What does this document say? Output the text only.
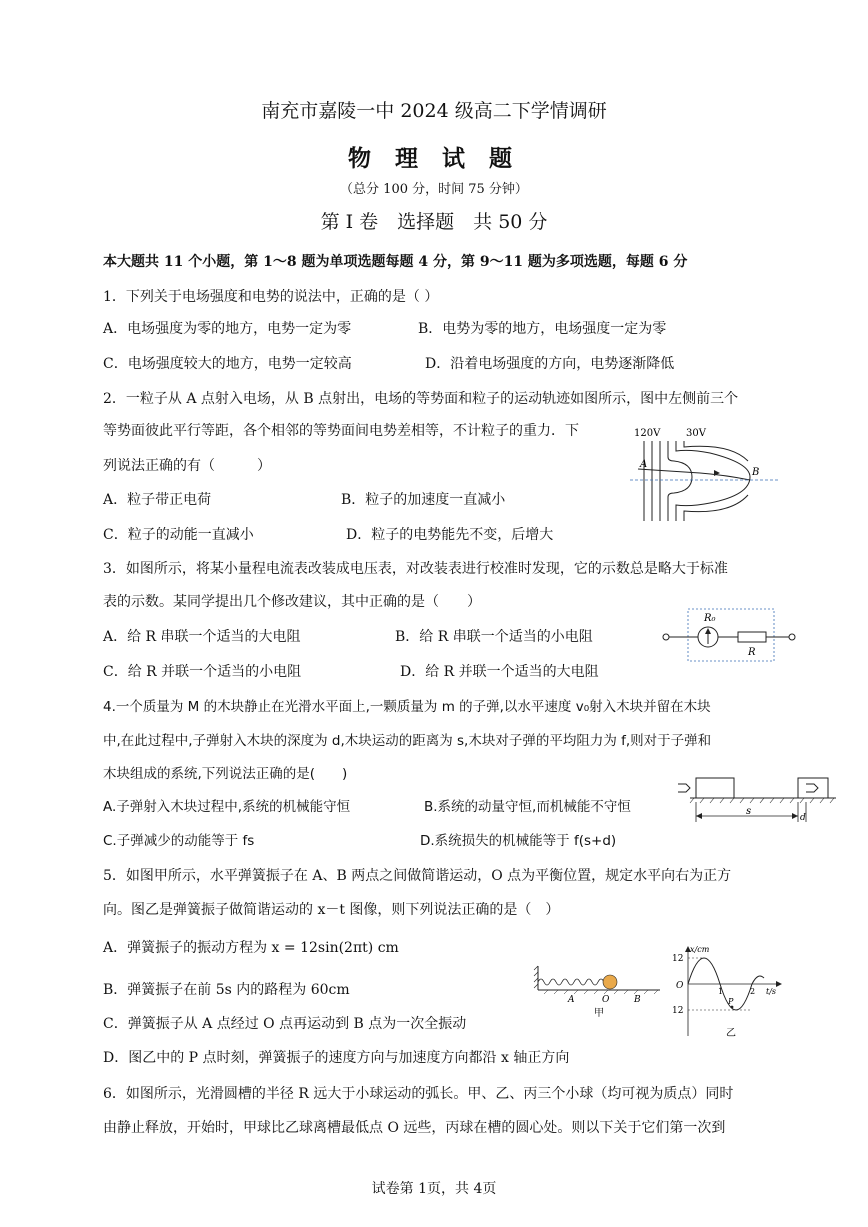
南充市嘉陵一中 2024 级高二下学情调研
物 理 试 题
（总分 100 分，时间 75 分钟）
第 I 卷　选择题　共 50 分
本大题共 11 个小题，第 1～8 题为单项选题每题 4 分，第 9～11 题为多项选题，每题 6 分
1．下列关于电场强度和电势的说法中，正确的是（ ）
A．电场强度为零的地方，电势一定为零	B．电势为零的地方，电场强度一定为零
C．电场强度较大的地方，电势一定较高	D．沿着电场强度的方向，电势逐渐降低
2．一粒子从 A 点射入电场，从 B 点射出，电场的等势面和粒子的运动轨迹如图所示，图中左侧前三个
等势面彼此平行等距，各个相邻的等势面间电势差相等，不计粒子的重力．下
列说法正确的有（　　　）
A．粒子带正电荷	B．粒子的加速度一直减小
C．粒子的动能一直减小	D．粒子的电势能先不变，后增大
120V	30V
A
B
3．如图所示，将某小量程电流表改装成电压表，对改装表进行校准时发现，它的示数总是略大于标准
表的示数。某同学提出几个修改建议，其中正确的是（　　）
A．给 R 串联一个适当的大电阻	B．给 R 串联一个适当的小电阻
C．给 R 并联一个适当的小电阻	D．给 R 并联一个适当的大电阻
R₀
R
4.一个质量为 M 的木块静止在光滑水平面上,一颗质量为 m 的子弹,以水平速度 v₀射入木块并留在木块
中,在此过程中,子弹射入木块的深度为 d,木块运动的距离为 s,木块对子弹的平均阻力为 f,则对于子弹和
木块组成的系统,下列说法正确的是(　　)
A.子弹射入木块过程中,系统的机械能守恒	B.系统的动量守恒,而机械能不守恒
C.子弹减少的动能等于 fs	D.系统损失的机械能等于 f(s+d)
s
d
5．如图甲所示，水平弹簧振子在 A、B 两点之间做简谐运动，O 点为平衡位置，规定水平向右为正方
向。图乙是弹簧振子做简谐运动的 x－t 图像，则下列说法正确的是（　）
A．弹簧振子的振动方程为 x = 12sin(2πt) cm
B．弹簧振子在前 5s 内的路程为 60cm
C．弹簧振子从 A 点经过 O 点再运动到 B 点为一次全振动
D．图乙中的 P 点时刻，弹簧振子的速度方向与加速度方向都沿 x 轴正方向
A	O	B
甲
x/cm
12
12
O
1	2 t/s
P
乙
6．如图所示，光滑圆槽的半径 R 远大于小球运动的弧长。甲、乙、丙三个小球（均可视为质点）同时
由静止释放，开始时，甲球比乙球离槽最低点 O 远些，丙球在槽的圆心处。则以下关于它们第一次到
试卷第 1页，共 4页
